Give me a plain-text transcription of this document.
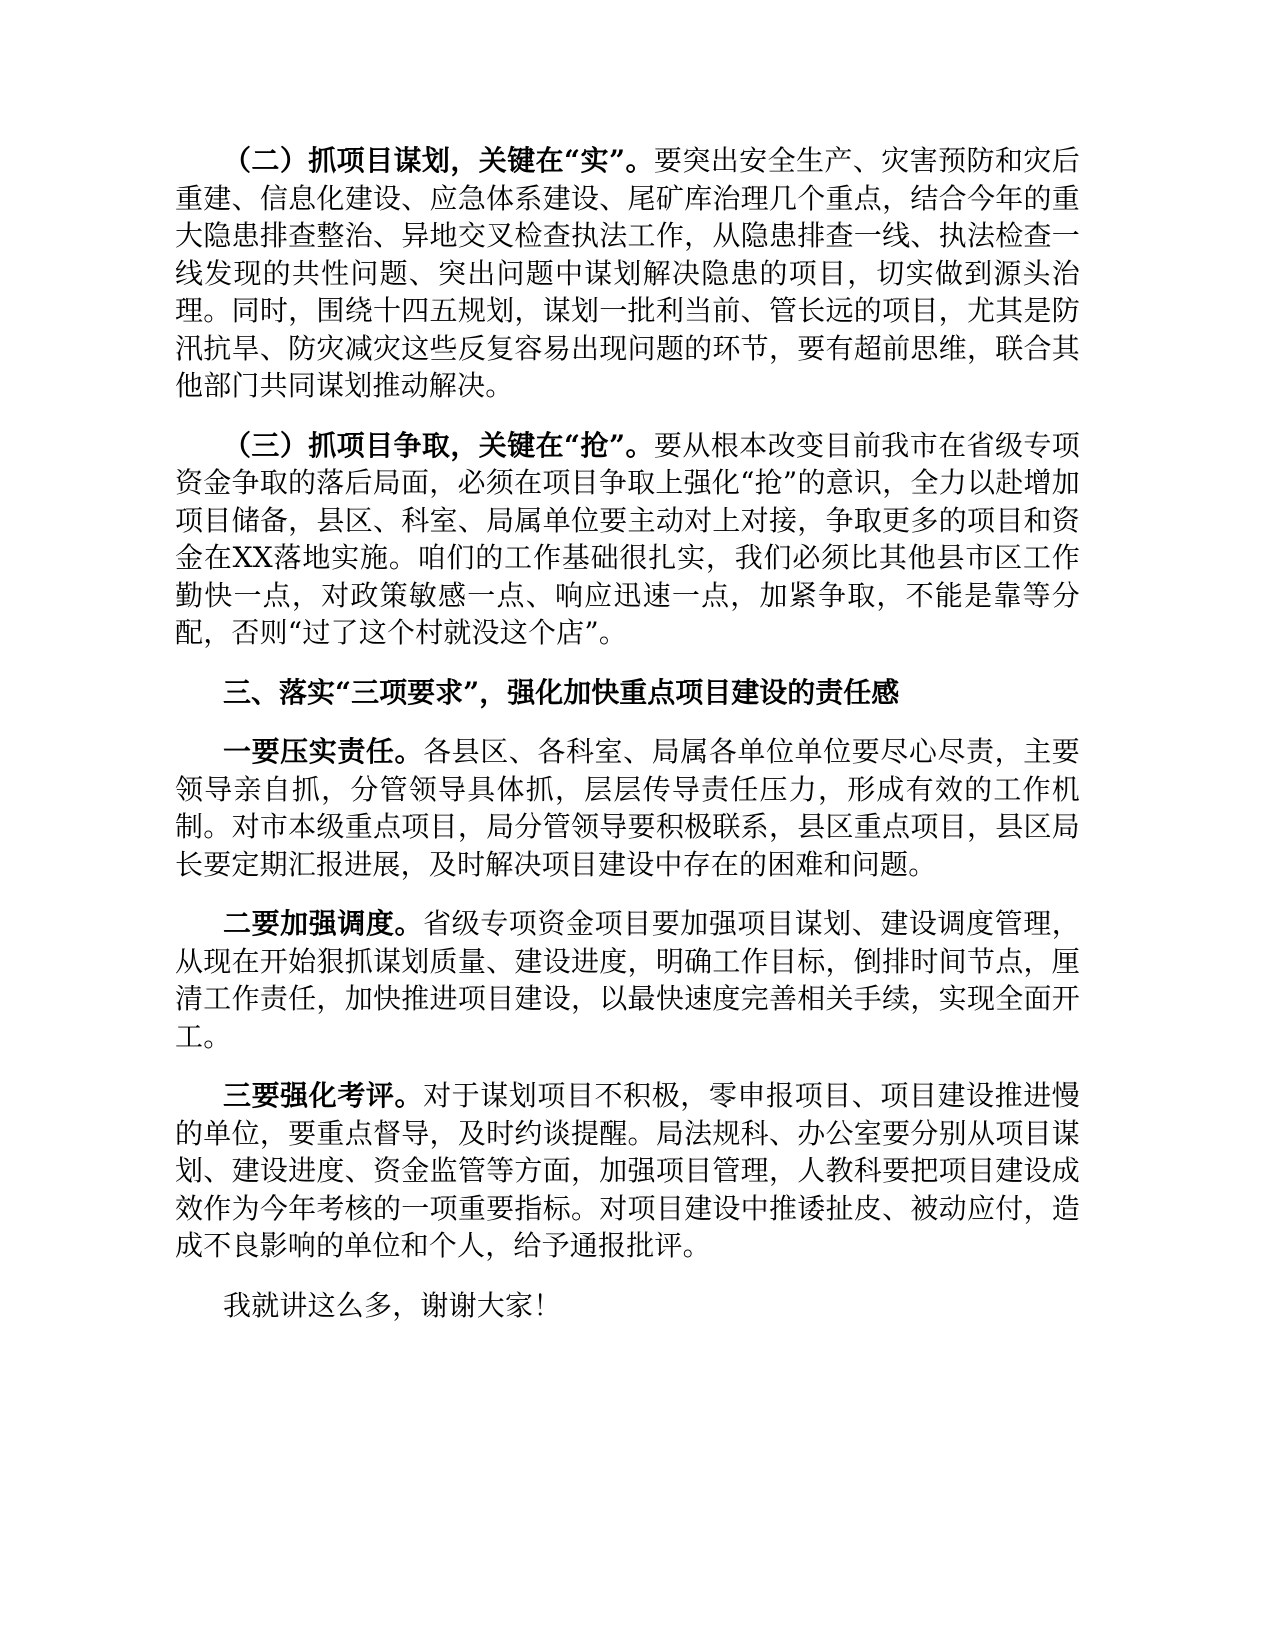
（二）抓项目谋划，关键在“实”。要突出安全生产、灾害预防和灾后重建、信息化建设、应急体系建设、尾矿库治理几个重点，结合今年的重大隐患排查整治、异地交叉检查执法工作，从隐患排查一线、执法检查一线发现的共性问题、突出问题中谋划解决隐患的项目，切实做到源头治理。同时，围绕十四五规划，谋划一批利当前、管长远的项目，尤其是防汛抗旱、防灾减灾这些反复容易出现问题的环节，要有超前思维，联合其他部门共同谋划推动解决。

（三）抓项目争取，关键在“抢”。要从根本改变目前我市在省级专项资金争取的落后局面，必须在项目争取上强化“抢”的意识，全力以赴增加项目储备，县区、科室、局属单位要主动对上对接，争取更多的项目和资金在XX落地实施。咱们的工作基础很扎实，我们必须比其他县市区工作勤快一点，对政策敏感一点、响应迅速一点，加紧争取，不能是靠等分配，否则“过了这个村就没这个店”。

三、落实“三项要求”，强化加快重点项目建设的责任感

一要压实责任。各县区、各科室、局属各单位单位要尽心尽责，主要领导亲自抓，分管领导具体抓，层层传导责任压力，形成有效的工作机制。对市本级重点项目，局分管领导要积极联系，县区重点项目，县区局长要定期汇报进展，及时解决项目建设中存在的困难和问题。

二要加强调度。省级专项资金项目要加强项目谋划、建设调度管理，从现在开始狠抓谋划质量、建设进度，明确工作目标，倒排时间节点，厘清工作责任，加快推进项目建设，以最快速度完善相关手续，实现全面开工。

三要强化考评。对于谋划项目不积极，零申报项目、项目建设推进慢的单位，要重点督导，及时约谈提醒。局法规科、办公室要分别从项目谋划、建设进度、资金监管等方面，加强项目管理，人教科要把项目建设成效作为今年考核的一项重要指标。对项目建设中推诿扯皮、被动应付，造成不良影响的单位和个人，给予通报批评。

我就讲这么多，谢谢大家！
